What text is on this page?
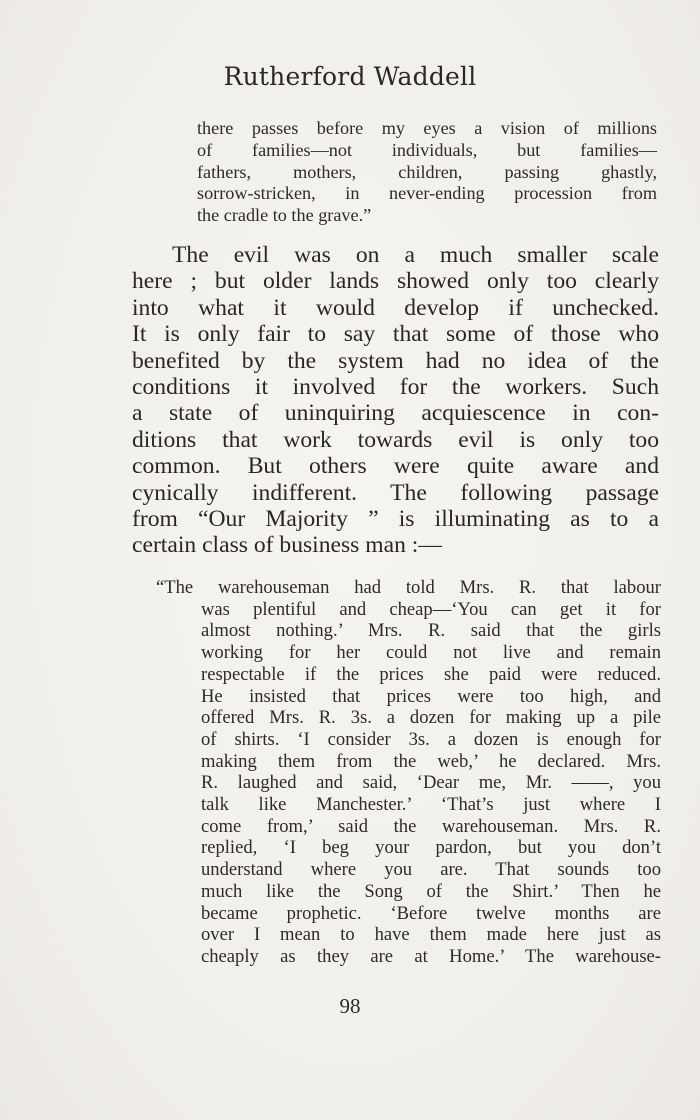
Rutherford Waddell
there passes before my eyes a vision of millions
of families—not individuals, but families—
fathers, mothers, children, passing ghastly,
sorrow-stricken, in never-ending procession from
the cradle to the grave.”
The evil was on a much smaller scale
here ; but older lands showed only too clearly
into what it would develop if unchecked.
It is only fair to say that some of those who
benefited by the system had no idea of the
conditions it involved for the workers. Such
a state of uninquiring acquiescence in con-
ditions that work towards evil is only too
common. But others were quite aware and
cynically indifferent. The following passage
from “Our Majority ” is illuminating as to a
certain class of business man :—
“The warehouseman had told Mrs. R. that labour
was plentiful and cheap—‘You can get it for
almost nothing.’ Mrs. R. said that the girls
working for her could not live and remain
respectable if the prices she paid were reduced.
He insisted that prices were too high, and
offered Mrs. R. 3s. a dozen for making up a pile
of shirts. ‘I consider 3s. a dozen is enough for
making them from the web,’ he declared. Mrs.
R. laughed and said, ‘Dear me, Mr. ——, you
talk like Manchester.’ ‘That’s just where I
come from,’ said the warehouseman. Mrs. R.
replied, ‘I beg your pardon, but you don’t
understand where you are. That sounds too
much like the Song of the Shirt.’ Then he
became prophetic. ‘Before twelve months are
over I mean to have them made here just as
cheaply as they are at Home.’ The warehouse-
98
